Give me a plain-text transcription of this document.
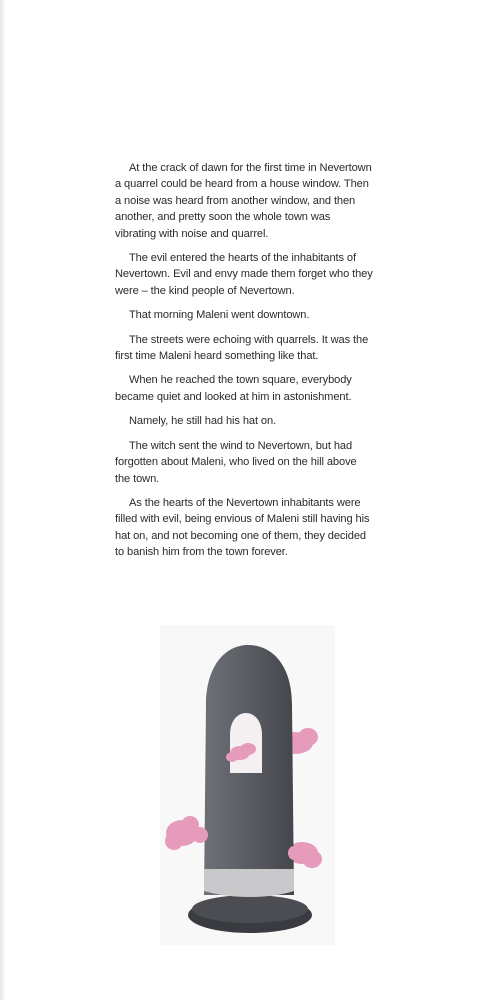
At the crack of dawn for the first time in Nevertown a quarrel could be heard from a house window. Then a noise was heard from another window, and then another, and pretty soon the whole town was vibrating with noise and quarrel.

The evil entered the hearts of the inhabitants of Nevertown. Evil and envy made them forget who they were – the kind people of Nevertown.

That morning Maleni went downtown.

The streets were echoing with quarrels. It was the first time Maleni heard something like that.

When he reached the town square, everybody became quiet and looked at him in astonishment.

Namely, he still had his hat on.

The witch sent the wind to Nevertown, but had forgotten about Maleni, who lived on the hill above the town.

As the hearts of the Nevertown inhabitants were filled with evil, being envious of Maleni still having his hat on, and not becoming one of them, they decided to banish him from the town forever.
